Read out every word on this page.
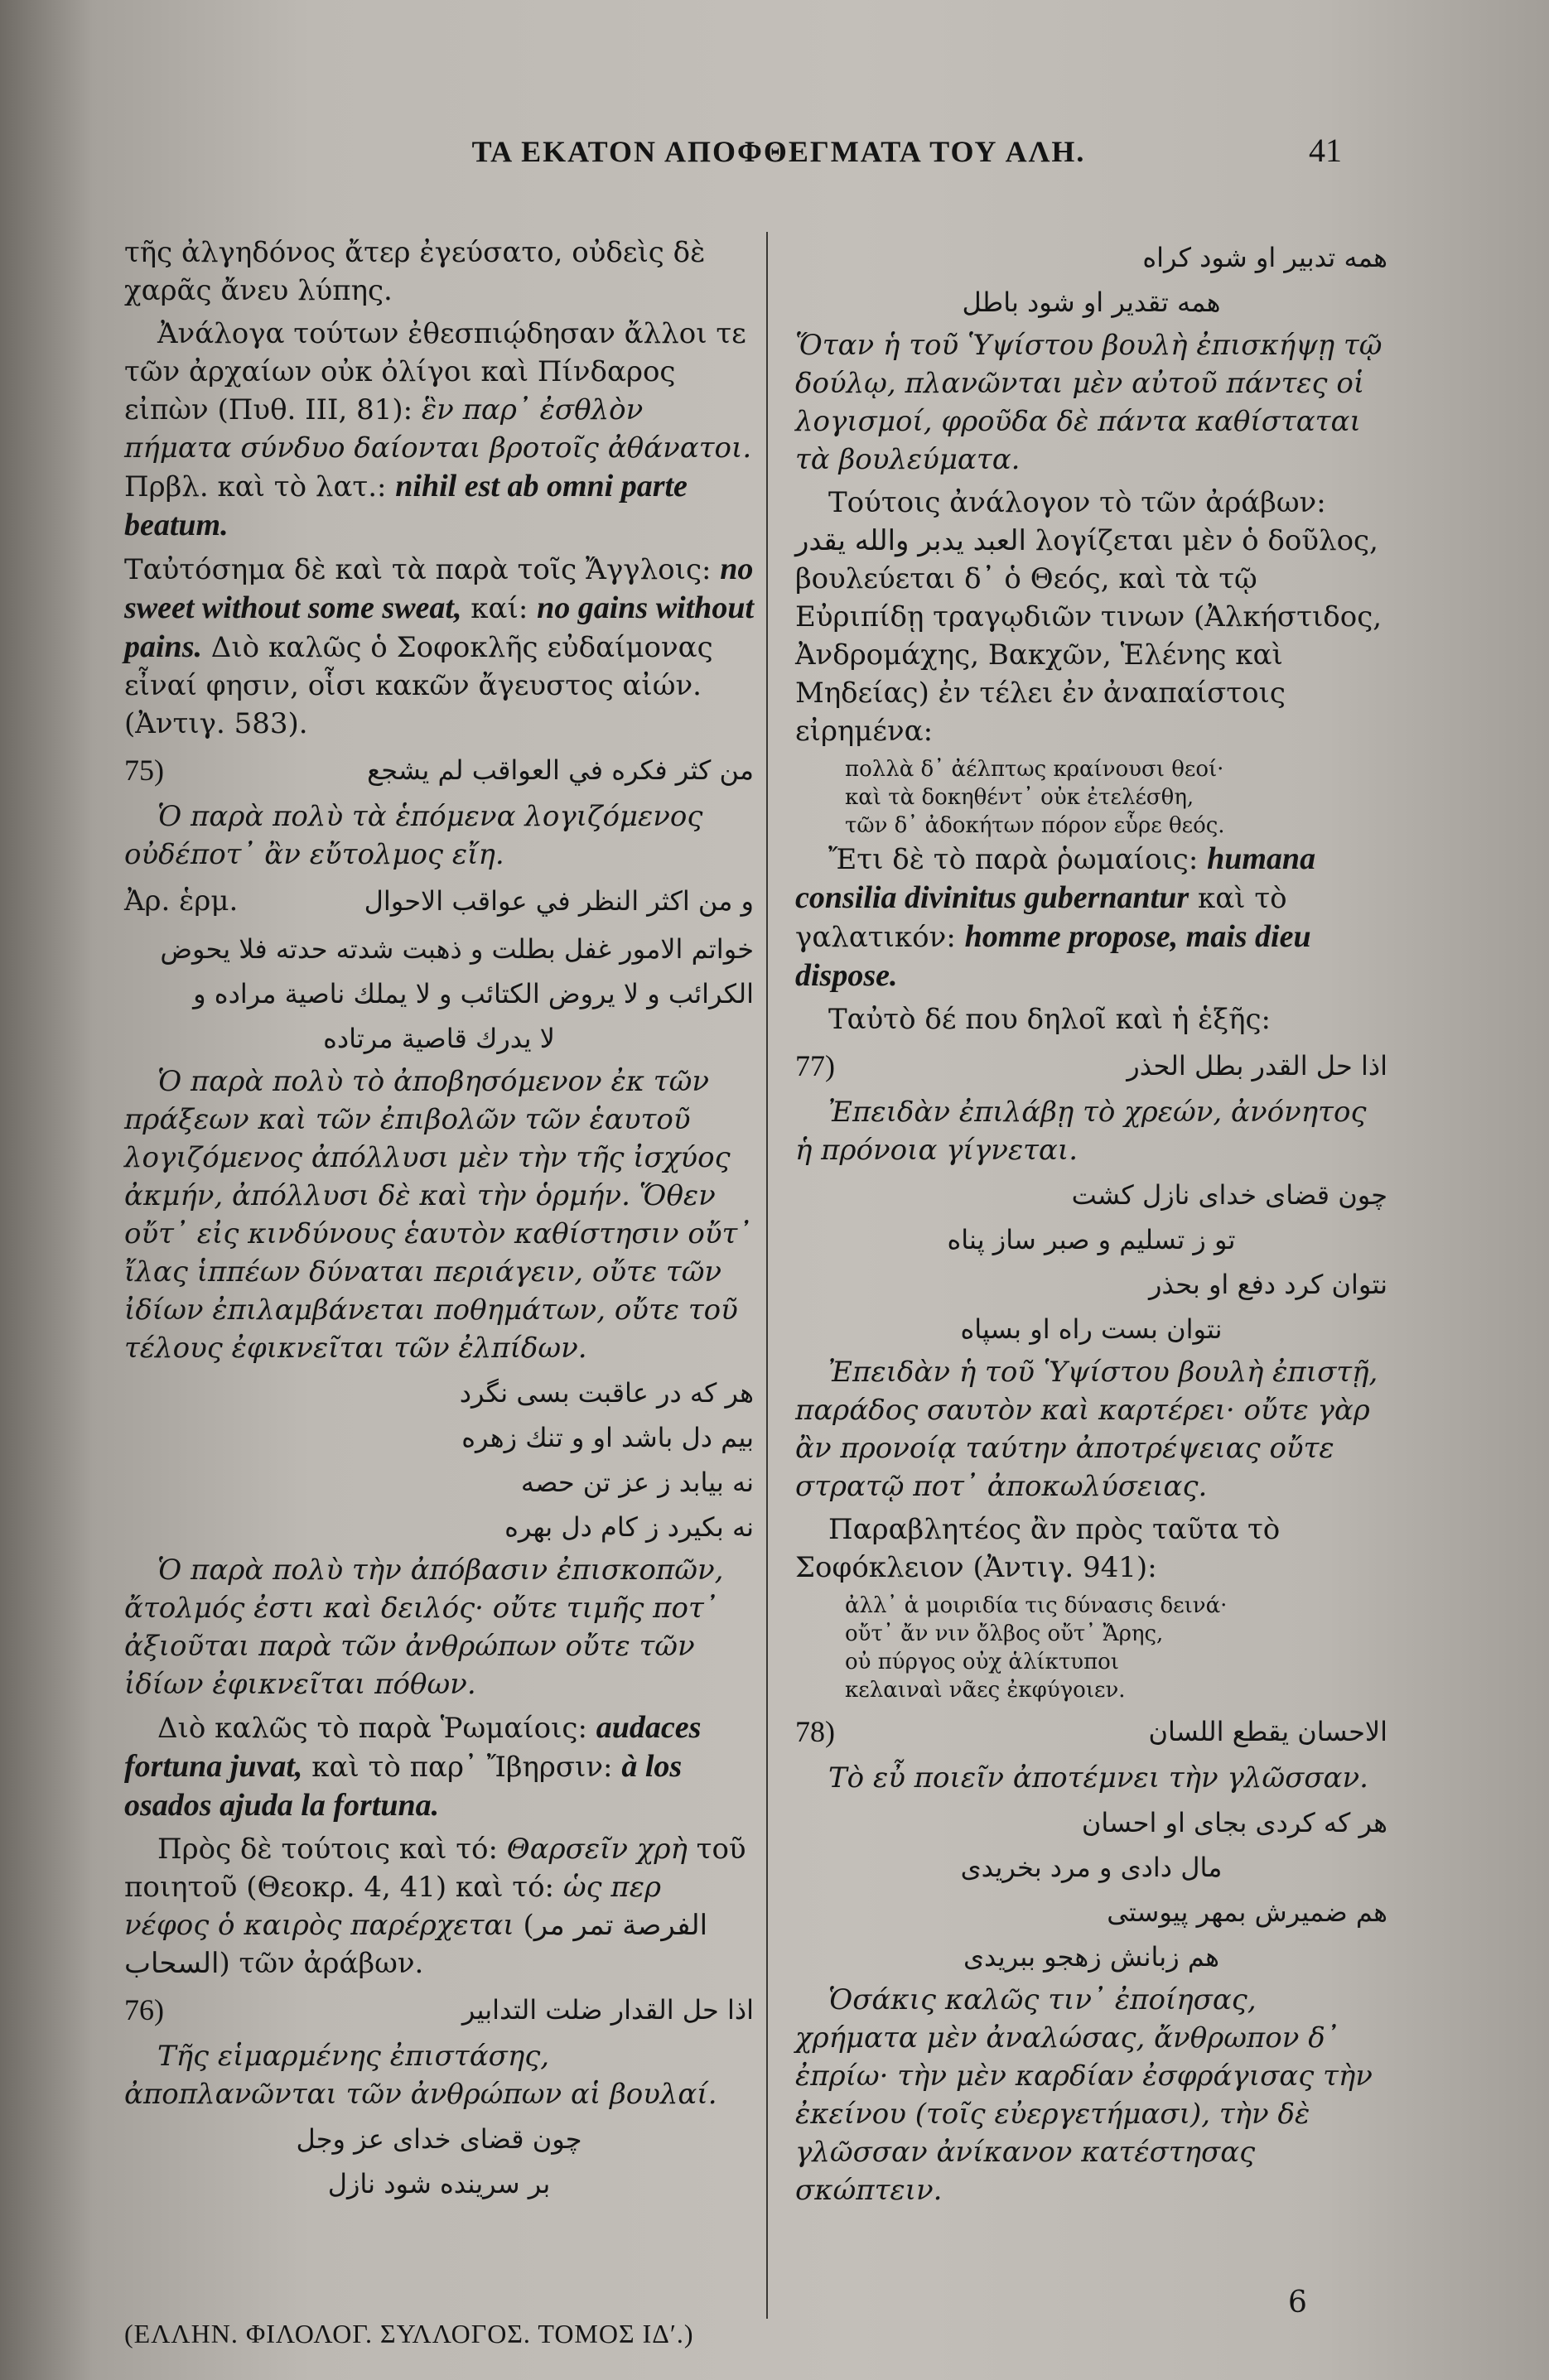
ΤΑ ΕΚΑΤΟΝ ΑΠΟΦΘΕΓΜΑΤΑ ΤΟΥ ΑΛΗ.	41

τῆς ἀλγηδόνος ἄτερ ἐγεύσατο, οὐδεὶς δὲ χαρᾶς ἄνευ λύπης.

Ἀνάλογα τούτων ἐθεσπιῴδησαν ἄλλοι τε τῶν ἀρχαίων οὐκ ὀλίγοι καὶ Πίνδαρος εἰπὼν (Πυθ. III, 81): ἓν παρ᾽ ἐσθλὸν πήματα σύνδυο δαίονται βροτοῖς ἀθάνατοι. Πρβλ. καὶ τὸ λατ.: nihil est ab omni parte beatum.

Ταὐτόσημα δὲ καὶ τὰ παρὰ τοῖς Ἄγγλοις: no sweet without some sweat, καί: no gains without pains. Διὸ καλῶς ὁ Σοφοκλῆς εὐδαίμονας εἶναί φησιν, οἷσι κακῶν ἄγευστος αἰών. (Ἀντιγ. 583).

75)	من كثر فكره في العواقب لم يشجع

Ὁ παρὰ πολὺ τὰ ἑπόμενα λογιζόμενος οὐδέποτ᾽ ἂν εὔτολμος εἴη.

Ἀρ. ἑρμ.	و من اكثر النظر في عواقب الاحوال
خواتم الامور غفل بطلت و ذهبت شدته حدته فلا يحوض
الكرائب و لا يروض الكتائب و لا يملك ناصية مراده و
لا يدرك قاصية مرتاده

Ὁ παρὰ πολὺ τὸ ἀποβησόμενον ἐκ τῶν πράξεων καὶ τῶν ἐπιβολῶν τῶν ἑαυτοῦ λογιζόμενος ἀπόλλυσι μὲν τὴν τῆς ἰσχύος ἀκμήν, ἀπόλλυσι δὲ καὶ τὴν ὁρμήν. Ὅθεν οὔτ᾽ εἰς κινδύνους ἑαυτὸν καθίστησιν οὔτ᾽ ἴλας ἱππέων δύναται περιάγειν, οὔτε τῶν ἰδίων ἐπιλαμβάνεται ποθημάτων, οὔτε τοῦ τέλους ἐφικνεῖται τῶν ἐλπίδων.

هر که در عاقبت بسی نگرد
بيم دل باشد او و تنك زهره
نه بيابد ز عز تن حصه
نه بکيرد ز کام دل بهره

Ὁ παρὰ πολὺ τὴν ἀπόβασιν ἐπισκοπῶν, ἄτολμός ἐστι καὶ δειλός· οὔτε τιμῆς ποτ᾽ ἀξιοῦται παρὰ τῶν ἀνθρώπων οὔτε τῶν ἰδίων ἐφικνεῖται πόθων.

Διὸ καλῶς τὸ παρὰ Ῥωμαίοις: audaces fortuna juvat, καὶ τὸ παρ᾽ Ἴβηρσιν: à los osados ajuda la fortuna.

Πρὸς δὲ τούτοις καὶ τό: Θαρσεῖν χρὴ τοῦ ποιητοῦ (Θεοκρ. 4, 41) καὶ τό: ὡς περ νέφος ὁ καιρὸς παρέρχεται (الفرصة تمر مر السحاب) τῶν ἀράβων.

76)	اذا حل القدار ضلت التدابير

Τῆς εἱμαρμένης ἐπιστάσης, ἀποπλανῶνται τῶν ἀνθρώπων αἱ βουλαί.

چون قضای خدای عز وجل
بر سرينده شود نازل
همه تدبير او شود كراه
همه تقدير او شود باطل

Ὅταν ἡ τοῦ Ὑψίστου βουλὴ ἐπισκήψῃ τῷ δούλῳ, πλανῶνται μὲν αὐτοῦ πάντες οἱ λογισμοί, φροῦδα δὲ πάντα καθίσταται τὰ βουλεύματα.

Τούτοις ἀνάλογον τὸ τῶν ἀράβων: العبد يدبر والله يقدر λογίζεται μὲν ὁ δοῦλος, βουλεύεται δ᾽ ὁ Θεός, καὶ τὰ τῷ Εὐριπίδῃ τραγῳδιῶν τινων (Ἀλκήστιδος, Ἀνδρομάχης, Βακχῶν, Ἑλένης καὶ Μηδείας) ἐν τέλει ἐν ἀναπαίστοις εἰρημένα:

πολλὰ δ᾽ ἀέλπτως κραίνουσι θεοί·

καὶ τὰ δοκηθέντ᾽ οὐκ ἐτελέσθη,

τῶν δ᾽ ἀδοκήτων πόρον εὗρε θεός.

Ἔτι δὲ τὸ παρὰ ῥωμαίοις: humana consilia divinitus gubernantur καὶ τὸ γαλατικόν: homme propose, mais dieu dispose.

Ταὐτὸ δέ που δηλοῖ καὶ ἡ ἑξῆς:

77)	اذا حل القدر بطل الحذر

Ἐπειδὰν ἐπιλάβῃ τὸ χρεών, ἀνόνητος ἡ πρόνοια γίγνεται.

چون قضای خدای نازل کشت
تو ز تسليم و صبر ساز پناه
نتوان کرد دفع او بحذر
نتوان بست راه او بسپاه

Ἐπειδὰν ἡ τοῦ Ὑψίστου βουλὴ ἐπιστῇ, παράδος σαυτὸν καὶ καρτέρει· οὔτε γὰρ ἂν προνοίᾳ ταύτην ἀποτρέψειας οὔτε στρατῷ ποτ᾽ ἀποκωλύσειας.

Παραβλητέος ἂν πρὸς ταῦτα τὸ Σοφόκλειον (Ἀντιγ. 941):

ἀλλ᾽ ἁ μοιριδία τις δύνασις δεινά·

οὔτ᾽ ἄν νιν ὄλβος οὔτ᾽ Ἄρης,

οὐ πύργος οὐχ ἁλίκτυποι

κελαιναὶ νᾶες ἐκφύγοιεν.

78)	الاحسان يقطع اللسان

Τὸ εὖ ποιεῖν ἀποτέμνει τὴν γλῶσσαν.

هر که کردی بجای او احسان
مال دادی و مرد بخريدی
هم ضميرش بمهر پيوستی
هم زبانش زهجو ببريدی

Ὁσάκις καλῶς τιν᾽ ἐποίησας, χρήματα μὲν ἀναλώσας, ἄνθρωπον δ᾽ ἐπρίω· τὴν μὲν καρδίαν ἐσφράγισας τὴν ἐκείνου (τοῖς εὐεργετήμασι), τὴν δὲ γλῶσσαν ἀνίκανον κατέστησας σκώπτειν.

(ΕΛΛΗΝ. ΦΙΛΟΛΟΓ. ΣΥΛΛΟΓΟΣ. ΤΟΜΟΣ ΙΔʹ.)
6
